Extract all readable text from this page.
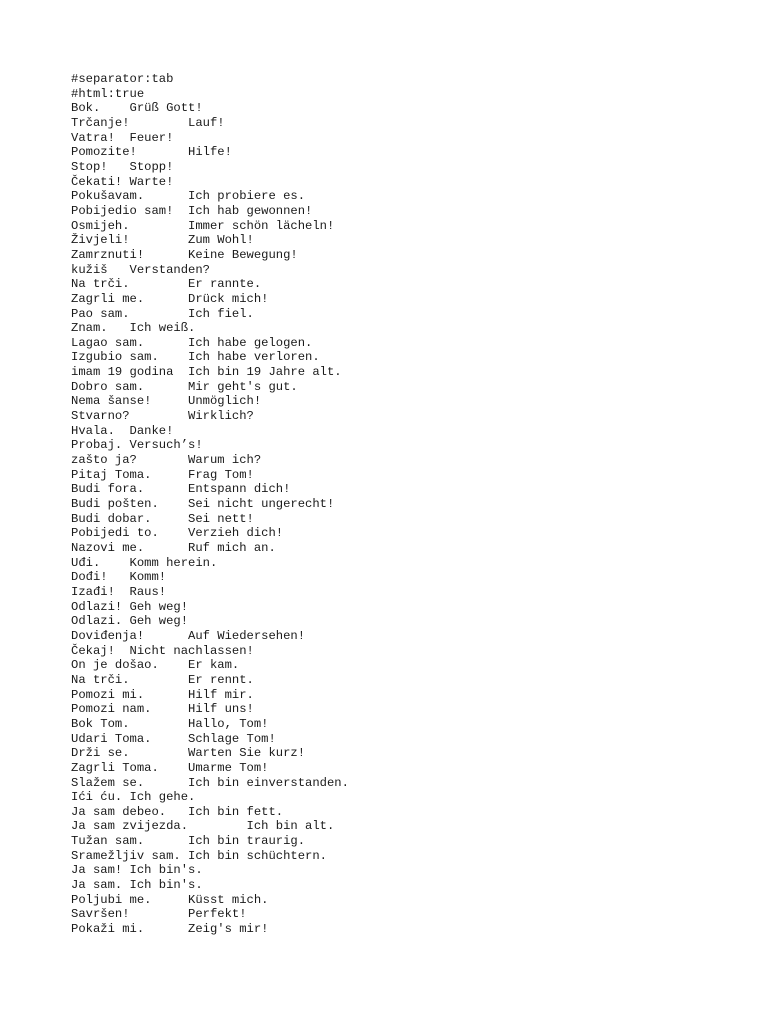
#separator:tab
#html:true
Bok.	Grüß Gott!
Trčanje!	Lauf!
Vatra!	Feuer!
Pomozite!	Hilfe!
Stop!	Stopp!
Čekati!	Warte!
Pokušavam.	Ich probiere es.
Pobijedio sam!	Ich hab gewonnen!
Osmijeh.	Immer schön lächeln!
Živjeli!	Zum Wohl!
Zamrznuti!	Keine Bewegung!
kužiš	Verstanden?
Na trči.	Er rannte.
Zagrli me.	Drück mich!
Pao sam.	Ich fiel.
Znam.	Ich weiß.
Lagao sam.	Ich habe gelogen.
Izgubio sam.	Ich habe verloren.
imam 19 godina	Ich bin 19 Jahre alt.
Dobro sam.	Mir geht's gut.
Nema šanse!	Unmöglich!
Stvarno?	Wirklich?
Hvala.	Danke!
Probaj.	Versuch’s!
zašto ja?	Warum ich?
Pitaj Toma.	Frag Tom!
Budi fora.	Entspann dich!
Budi pošten.	Sei nicht ungerecht!
Budi dobar.	Sei nett!
Pobijedi to.	Verzieh dich!
Nazovi me.	Ruf mich an.
Uđi.	Komm herein.
Dođi!	Komm!
Izađi!	Raus!
Odlazi!	Geh weg!
Odlazi.	Geh weg!
Doviđenja!	Auf Wiedersehen!
Čekaj!	Nicht nachlassen!
On je došao.	Er kam.
Na trči.	Er rennt.
Pomozi mi.	Hilf mir.
Pomozi nam.	Hilf uns!
Bok Tom.	Hallo, Tom!
Udari Toma.	Schlage Tom!
Drži se.	Warten Sie kurz!
Zagrli Toma.	Umarme Tom!
Slažem se.	Ich bin einverstanden.
Ići ću.	Ich gehe.
Ja sam debeo.	Ich bin fett.
Ja sam zvijezda.	Ich bin alt.
Tužan sam.	Ich bin traurig.
Sramežljiv sam.	Ich bin schüchtern.
Ja sam!	Ich bin's.
Ja sam.	Ich bin's.
Poljubi me.	Küsst mich.
Savršen!	Perfekt!
Pokaži mi.	Zeig's mir!
